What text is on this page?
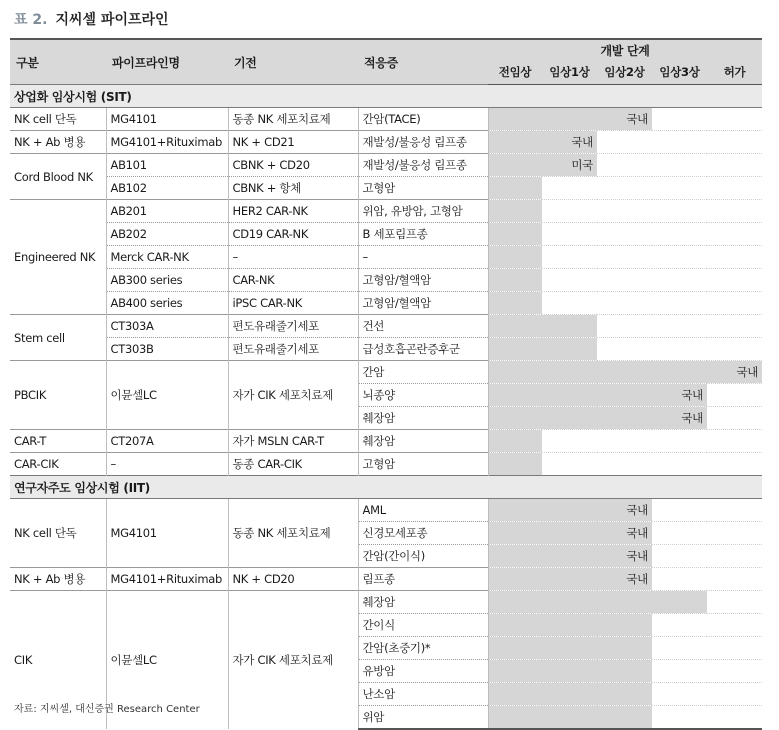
표 2. 지씨셀 파이프라인
구분	파이프라인명	기전	적응증	개발 단계				
				전임상	임상1상	임상2상	임상3상	허가
상업화 임상시험 (SIT)								
NK cell 단독	MG4101	동종 NK 세포치료제	간암(TACE)			국내		
NK + Ab 병용	MG4101+Rituximab	NK + CD21	재발성/불응성 림프종		국내			
Cord Blood NK	AB101	CBNK + CD20	재발성/불응성 림프종		미국			
	AB102	CBNK + 항체	고형암					
Engineered NK	AB201	HER2 CAR-NK	위암, 유방암, 고형암					
	AB202	CD19 CAR-NK	B 세포림프종					
	Merck CAR-NK	–	–					
	AB300 series	CAR-NK	고형암/혈액암					
	AB400 series	iPSC CAR-NK	고형암/혈액암					
Stem cell	CT303A	편도유래줄기세포	건선					
	CT303B	편도유래줄기세포	급성호흡곤란증후군					
PBCIK	이뮨셀LC	자가 CIK 세포치료제	간암					국내
			뇌종양				국내	
			췌장암				국내	
CAR-T	CT207A	자가 MSLN CAR-T	췌장암					
CAR-CIK	–	동종 CAR-CIK	고형암					
연구자주도 임상시험 (IIT)								
NK cell 단독	MG4101	동종 NK 세포치료제	AML			국내		
			신경모세포종			국내		
			간암(간이식)			국내		
NK + Ab 병용	MG4101+Rituximab	NK + CD20	림프종			국내		
CIK	이뮨셀LC	자가 CIK 세포치료제	췌장암					
			간이식					
			간암(초중기)*					
			유방암					
			난소암					
			위암					
자료: 지씨셀, 대신증권 Research Center
